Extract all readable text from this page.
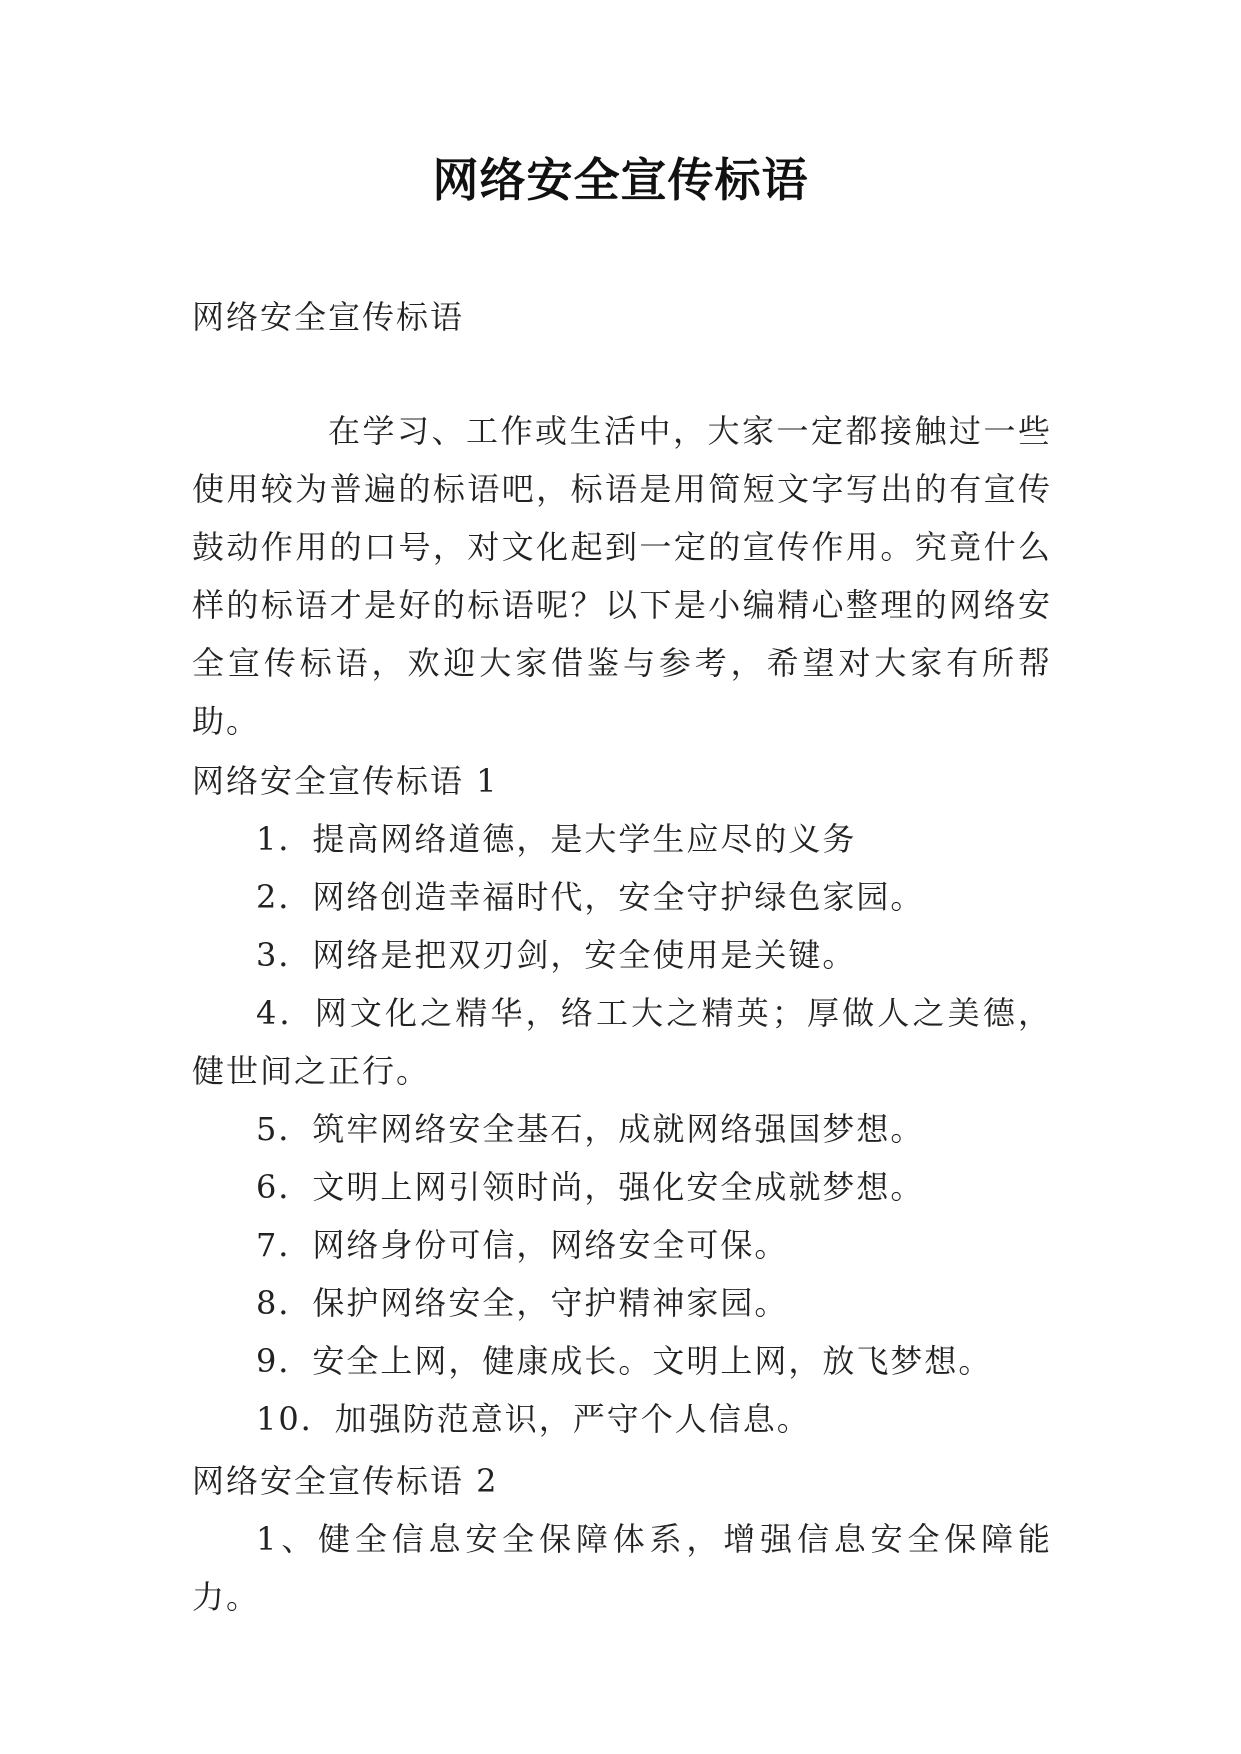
网络安全宣传标语
网络安全宣传标语
在学习、工作或生活中，大家一定都接触过一些使用较为普遍的标语吧，标语是用简短文字写出的有宣传鼓动作用的口号，对文化起到一定的宣传作用。究竟什么样的标语才是好的标语呢？以下是小编精心整理的网络安全宣传标语，欢迎大家借鉴与参考，希望对大家有所帮助。
网络安全宣传标语 1
1．提高网络道德，是大学生应尽的义务
2．网络创造幸福时代，安全守护绿色家园。
3．网络是把双刃剑，安全使用是关键。
4．网文化之精华，络工大之精英；厚做人之美德，健世间之正行。
5．筑牢网络安全基石，成就网络强国梦想。
6．文明上网引领时尚，强化安全成就梦想。
7．网络身份可信，网络安全可保。
8．保护网络安全，守护精神家园。
9．安全上网，健康成长。文明上网，放飞梦想。
10．加强防范意识，严守个人信息。
网络安全宣传标语 2
1、健全信息安全保障体系，增强信息安全保障能力。
